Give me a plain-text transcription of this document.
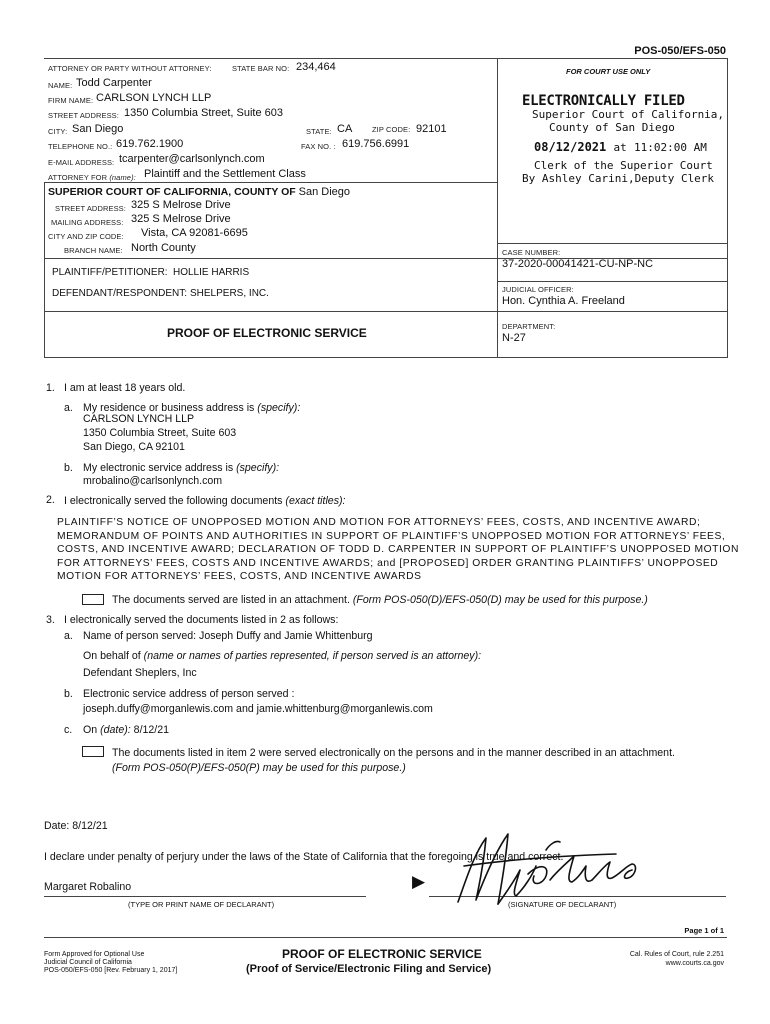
POS-050/EFS-050
ATTORNEY OR PARTY WITHOUT ATTORNEY:	STATE BAR NO: 234,464
NAME: Todd Carpenter
FIRM NAME: CARLSON LYNCH LLP
STREET ADDRESS: 1350 Columbia Street, Suite 603
CITY: San Diego	STATE: CA	ZIP CODE: 92101
TELEPHONE NO.: 619.762.1900	FAX NO. : 619.756.6991
E-MAIL ADDRESS: tcarpenter@carlsonlynch.com
ATTORNEY FOR (name): Plaintiff and the Settlement Class
SUPERIOR COURT OF CALIFORNIA, COUNTY OF San Diego
STREET ADDRESS: 325 S Melrose Drive
MAILING ADDRESS: 325 S Melrose Drive
CITY AND ZIP CODE: Vista, CA 92081-6695
BRANCH NAME: North County
FOR COURT USE ONLY
ELECTRONICALLY FILED
Superior Court of California,
County of San Diego
08/12/2021 at 11:02:00 AM
Clerk of the Superior Court
By Ashley Carini,Deputy Clerk
CASE NUMBER:
37-2020-00041421-CU-NP-NC
JUDICIAL OFFICER:
Hon. Cynthia A. Freeland
DEPARTMENT:
N-27
PLAINTIFF/PETITIONER: HOLLIE HARRIS
DEFENDANT/RESPONDENT: SHELPERS, INC.
PROOF OF ELECTRONIC SERVICE
1. I am at least 18 years old.
a. My residence or business address is (specify):
CARLSON LYNCH LLP
1350 Columbia Street, Suite 603
San Diego, CA 92101
b. My electronic service address is (specify):
mrobalino@carlsonlynch.com
2. I electronically served the following documents (exact titles):
PLAINTIFF’S NOTICE OF UNOPPOSED MOTION AND MOTION FOR ATTORNEYS’ FEES, COSTS, AND INCENTIVE AWARD;
MEMORANDUM OF POINTS AND AUTHORITIES IN SUPPORT OF PLAINTIFF’S UNOPPOSED MOTION FOR ATTORNEYS’ FEES,
COSTS, AND INCENTIVE AWARD; DECLARATION OF TODD D. CARPENTER IN SUPPORT OF PLAINTIFF’S UNOPPOSED MOTION
FOR ATTORNEYS’ FEES, COSTS AND INCENTIVE AWARDS; and [PROPOSED] ORDER GRANTING PLAINTIFFS’ UNOPPOSED
MOTION FOR ATTORNEYS’ FEES, COSTS, AND INCENTIVE AWARDS
The documents served are listed in an attachment. (Form POS-050(D)/EFS-050(D) may be used for this purpose.)
3. I electronically served the documents listed in 2 as follows:
a. Name of person served: Joseph Duffy and Jamie Whittenburg
On behalf of (name or names of parties represented, if person served is an attorney):
Defendant Sheplers, Inc
b. Electronic service address of person served :
joseph.duffy@morganlewis.com and jamie.whittenburg@morganlewis.com
c. On (date): 8/12/21
The documents listed in item 2 were served electronically on the persons and in the manner described in an attachment.
(Form POS-050(P)/EFS-050(P) may be used for this purpose.)
Date: 8/12/21
I declare under penalty of perjury under the laws of the State of California that the foregoing is true and correct.
Margaret Robalino
(TYPE OR PRINT NAME OF DECLARANT)
▶
(SIGNATURE OF DECLARANT)
Page 1 of 1
Form Approved for Optional Use
Judicial Council of California
POS-050/EFS-050 [Rev. February 1, 2017]
PROOF OF ELECTRONIC SERVICE
(Proof of Service/Electronic Filing and Service)
Cal. Rules of Court, rule 2.251
www.courts.ca.gov
